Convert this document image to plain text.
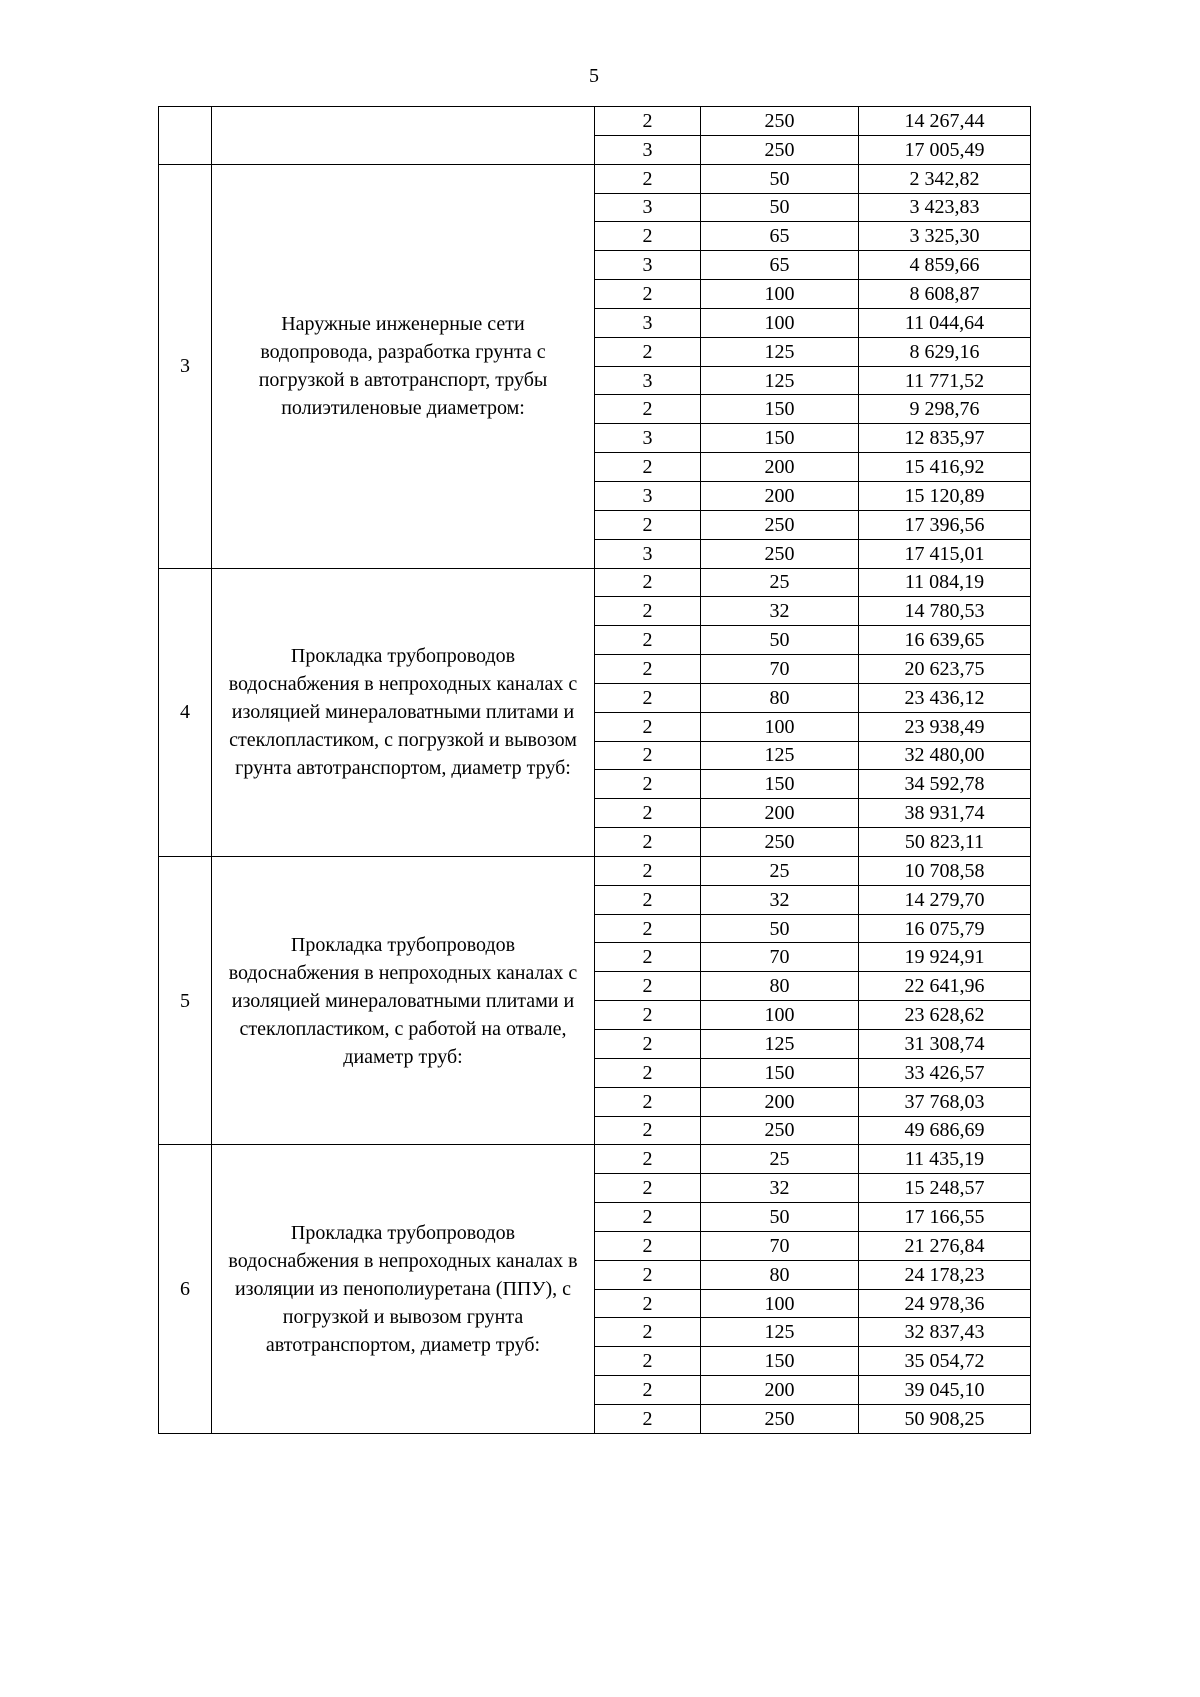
5
		2	250	14 267,44
		3	250	17 005,49
3	Наружные инженерные сети
водопровода, разработка грунта с
погрузкой в автотранспорт, трубы
полиэтиленовые диаметром:	2	50	2 342,82
		3	50	3 423,83
		2	65	3 325,30
		3	65	4 859,66
		2	100	8 608,87
		3	100	11 044,64
		2	125	8 629,16
		3	125	11 771,52
		2	150	9 298,76
		3	150	12 835,97
		2	200	15 416,92
		3	200	15 120,89
		2	250	17 396,56
		3	250	17 415,01
4	Прокладка трубопроводов
водоснабжения в непроходных каналах с
изоляцией минераловатными плитами и
стеклопластиком, с погрузкой и вывозом
грунта автотранспортом, диаметр труб:	2	25	11 084,19
		2	32	14 780,53
		2	50	16 639,65
		2	70	20 623,75
		2	80	23 436,12
		2	100	23 938,49
		2	125	32 480,00
		2	150	34 592,78
		2	200	38 931,74
		2	250	50 823,11
5	Прокладка трубопроводов
водоснабжения в непроходных каналах с
изоляцией минераловатными плитами и
стеклопластиком, с работой на отвале,
диаметр труб:	2	25	10 708,58
		2	32	14 279,70
		2	50	16 075,79
		2	70	19 924,91
		2	80	22 641,96
		2	100	23 628,62
		2	125	31 308,74
		2	150	33 426,57
		2	200	37 768,03
		2	250	49 686,69
6	Прокладка трубопроводов
водоснабжения в непроходных каналах в
изоляции из пенополиуретана (ППУ), с
погрузкой и вывозом грунта
автотранспортом, диаметр труб:	2	25	11 435,19
		2	32	15 248,57
		2	50	17 166,55
		2	70	21 276,84
		2	80	24 178,23
		2	100	24 978,36
		2	125	32 837,43
		2	150	35 054,72
		2	200	39 045,10
		2	250	50 908,25
